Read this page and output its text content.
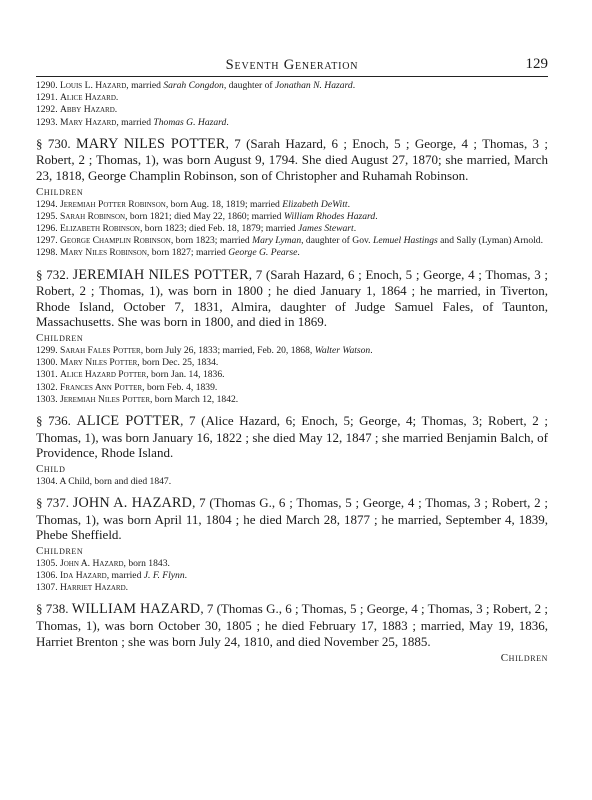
Seventh Generation	129
1290. Louis L. Hazard, married Sarah Congdon, daughter of Jonathan N. Hazard.
1291. Alice Hazard.
1292. Abby Hazard.
1293. Mary Hazard, married Thomas G. Hazard.
§ 730. MARY NILES POTTER, 7 (Sarah Hazard, 6 ; Enoch, 5 ; George, 4 ; Thomas, 3 ; Robert, 2 ; Thomas, 1), was born August 9, 1794. She died August 27, 1870; she married, March 23, 1818, George Champlin Robinson, son of Christopher and Ruhamah Robinson.
Children
1294. Jeremiah Potter Robinson, born Aug. 18, 1819; married Elizabeth DeWitt.
1295. Sarah Robinson, born 1821; died May 22, 1860; married William Rhodes Hazard.
1296. Elizabeth Robinson, born 1823; died Feb. 18, 1879; married James Stewart.
1297. George Champlin Robinson, born 1823; married Mary Lyman, daughter of Gov. Lemuel Hastings and Sally (Lyman) Arnold.
1298. Mary Niles Robinson, born 1827; married George G. Pearse.
§ 732. JEREMIAH NILES POTTER, 7 (Sarah Hazard, 6 ; Enoch, 5 ; George, 4 ; Thomas, 3 ; Robert, 2 ; Thomas, 1), was born in 1800 ; he died January 1, 1864 ; he married, in Tiverton, Rhode Island, October 7, 1831, Almira, daughter of Judge Samuel Fales, of Taunton, Massachusetts. She was born in 1800, and died in 1869.
Children
1299. Sarah Fales Potter, born July 26, 1833; married, Feb. 20, 1868, Walter Watson.
1300. Mary Niles Potter, born Dec. 25, 1834.
1301. Alice Hazard Potter, born Jan. 14, 1836.
1302. Frances Ann Potter, born Feb. 4, 1839.
1303. Jeremiah Niles Potter, born March 12, 1842.
§ 736. ALICE POTTER, 7 (Alice Hazard, 6; Enoch, 5; George, 4; Thomas, 3; Robert, 2 ; Thomas, 1), was born January 16, 1822 ; she died May 12, 1847 ; she married Benjamin Balch, of Providence, Rhode Island.
Child
1304. A Child, born and died 1847.
§ 737. JOHN A. HAZARD, 7 (Thomas G., 6 ; Thomas, 5 ; George, 4 ; Thomas, 3 ; Robert, 2 ; Thomas, 1), was born April 11, 1804 ; he died March 28, 1877 ; he married, September 4, 1839, Phebe Sheffield.
Children
1305. John A. Hazard, born 1843.
1306. Ida Hazard, married J. F. Flynn.
1307. Harriet Hazard.
§ 738. WILLIAM HAZARD, 7 (Thomas G., 6 ; Thomas, 5 ; George, 4 ; Thomas, 3 ; Robert, 2 ; Thomas, 1), was born October 30, 1805 ; he died February 17, 1883 ; married, May 19, 1836, Harriet Brenton ; she was born July 24, 1810, and died November 25, 1885.
Children
